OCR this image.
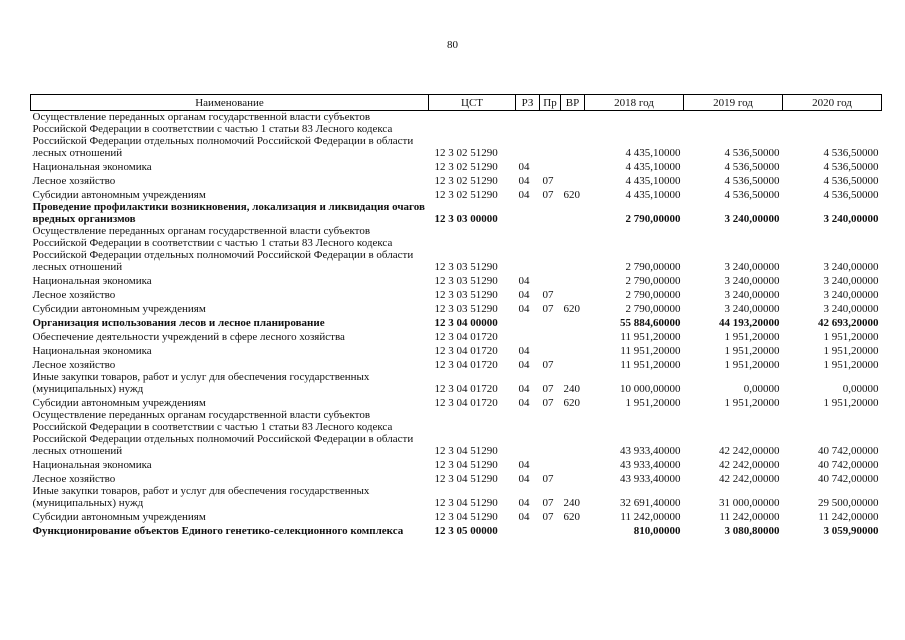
80
Наименование	ЦСТ	РЗ	Пр	ВР	2018 год	2019 год	2020 год
Осуществление переданных органам государственной власти субъектов Российской Федерации в соответствии с частью 1 статьи 83 Лесного кодекса Российской Федерации отдельных полномочий Российской Федерации в области лесных отношений	12 3 02 51290				4 435,10000	4 536,50000	4 536,50000
Национальная экономика	12 3 02 51290	04			4 435,10000	4 536,50000	4 536,50000
Лесное хозяйство	12 3 02 51290	04	07		4 435,10000	4 536,50000	4 536,50000
Субсидии автономным учреждениям	12 3 02 51290	04	07	620	4 435,10000	4 536,50000	4 536,50000
Проведение профилактики возникновения, локализация и ликвидация очагов вредных организмов	12 3 03 00000				2 790,00000	3 240,00000	3 240,00000
Осуществление переданных органам государственной власти субъектов Российской Федерации в соответствии с частью 1 статьи 83 Лесного кодекса Российской Федерации отдельных полномочий Российской Федерации в области лесных отношений	12 3 03 51290				2 790,00000	3 240,00000	3 240,00000
Национальная экономика	12 3 03 51290	04			2 790,00000	3 240,00000	3 240,00000
Лесное хозяйство	12 3 03 51290	04	07		2 790,00000	3 240,00000	3 240,00000
Субсидии автономным учреждениям	12 3 03 51290	04	07	620	2 790,00000	3 240,00000	3 240,00000
Организация использования лесов и лесное планирование	12 3 04 00000				55 884,60000	44 193,20000	42 693,20000
Обеспечение деятельности учреждений в сфере лесного хозяйства	12 3 04 01720				11 951,20000	1 951,20000	1 951,20000
Национальная экономика	12 3 04 01720	04			11 951,20000	1 951,20000	1 951,20000
Лесное хозяйство	12 3 04 01720	04	07		11 951,20000	1 951,20000	1 951,20000
Иные закупки товаров, работ и услуг для обеспечения государственных (муниципальных) нужд	12 3 04 01720	04	07	240	10 000,00000	0,00000	0,00000
Субсидии автономным учреждениям	12 3 04 01720	04	07	620	1 951,20000	1 951,20000	1 951,20000
Осуществление переданных органам государственной власти субъектов Российской Федерации в соответствии с частью 1 статьи 83 Лесного кодекса Российской Федерации отдельных полномочий Российской Федерации в области лесных отношений	12 3 04 51290				43 933,40000	42 242,00000	40 742,00000
Национальная экономика	12 3 04 51290	04			43 933,40000	42 242,00000	40 742,00000
Лесное хозяйство	12 3 04 51290	04	07		43 933,40000	42 242,00000	40 742,00000
Иные закупки товаров, работ и услуг для обеспечения государственных (муниципальных) нужд	12 3 04 51290	04	07	240	32 691,40000	31 000,00000	29 500,00000
Субсидии автономным учреждениям	12 3 04 51290	04	07	620	11 242,00000	11 242,00000	11 242,00000
Функционирование объектов Единого генетико-селекционного комплекса	12 3 05 00000				810,00000	3 080,80000	3 059,90000
